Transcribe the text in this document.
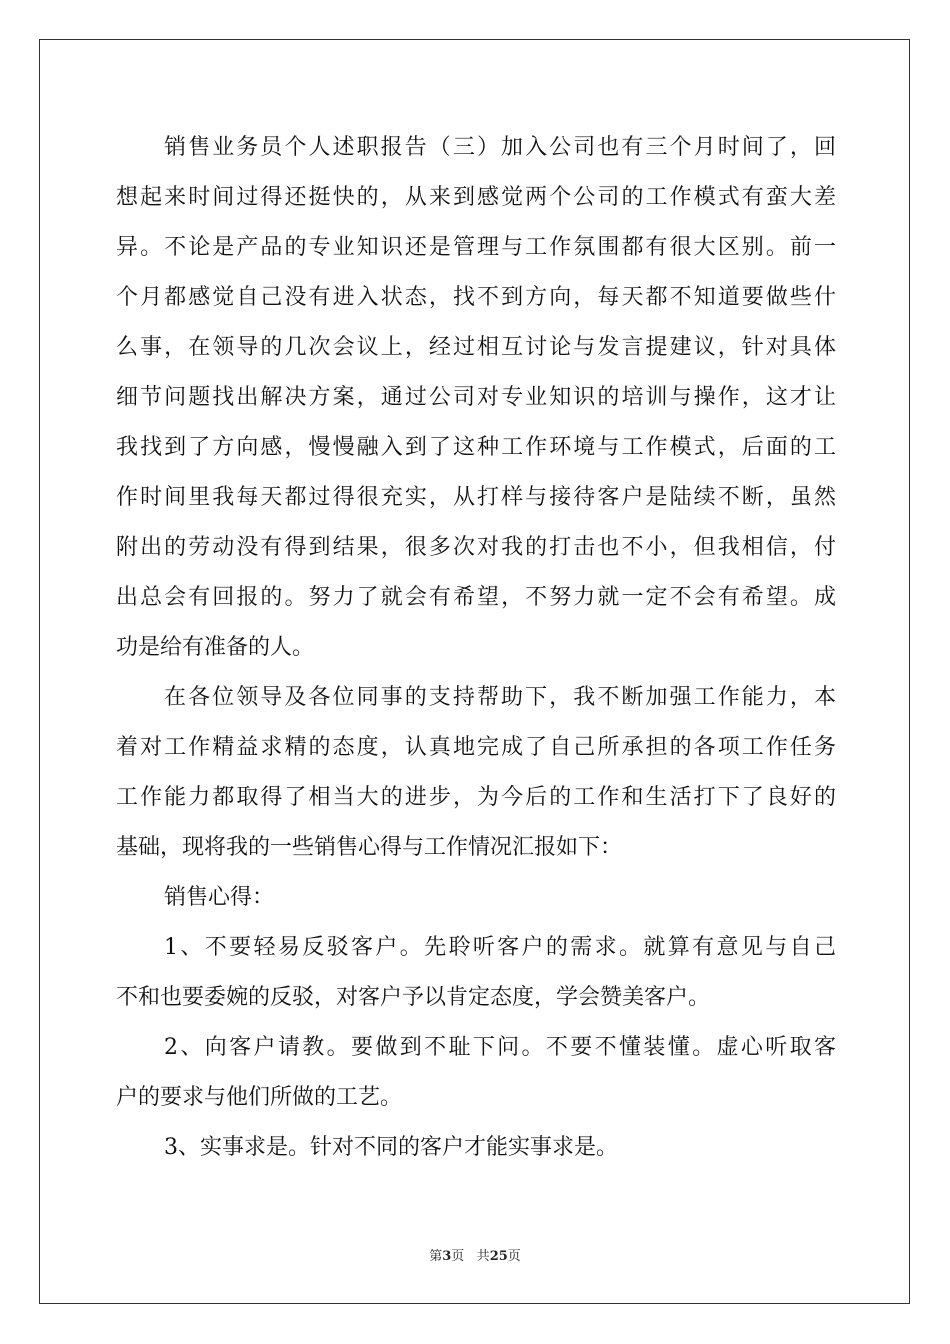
销售业务员个人述职报告（三）加入公司也有三个月时间了，回
想起来时间过得还挺快的，从来到感觉两个公司的工作模式有蛮大差
异。不论是产品的专业知识还是管理与工作氛围都有很大区别。前一
个月都感觉自己没有进入状态，找不到方向，每天都不知道要做些什
么事，在领导的几次会议上，经过相互讨论与发言提建议，针对具体
细节问题找出解决方案，通过公司对专业知识的培训与操作，这才让
我找到了方向感，慢慢融入到了这种工作环境与工作模式，后面的工
作时间里我每天都过得很充实，从打样与接待客户是陆续不断，虽然
附出的劳动没有得到结果，很多次对我的打击也不小，但我相信，付
出总会有回报的。努力了就会有希望，不努力就一定不会有希望。成
功是给有准备的人。
在各位领导及各位同事的支持帮助下，我不断加强工作能力，本
着对工作精益求精的态度，认真地完成了自己所承担的各项工作任务
工作能力都取得了相当大的进步，为今后的工作和生活打下了良好的
基础，现将我的一些销售心得与工作情况汇报如下：
销售心得：
1、不要轻易反驳客户。先聆听客户的需求。就算有意见与自己
不和也要委婉的反驳，对客户予以肯定态度，学会赞美客户。
2、向客户请教。要做到不耻下问。不要不懂装懂。虚心听取客
户的要求与他们所做的工艺。
3、实事求是。针对不同的客户才能实事求是。
第3页 共25页
